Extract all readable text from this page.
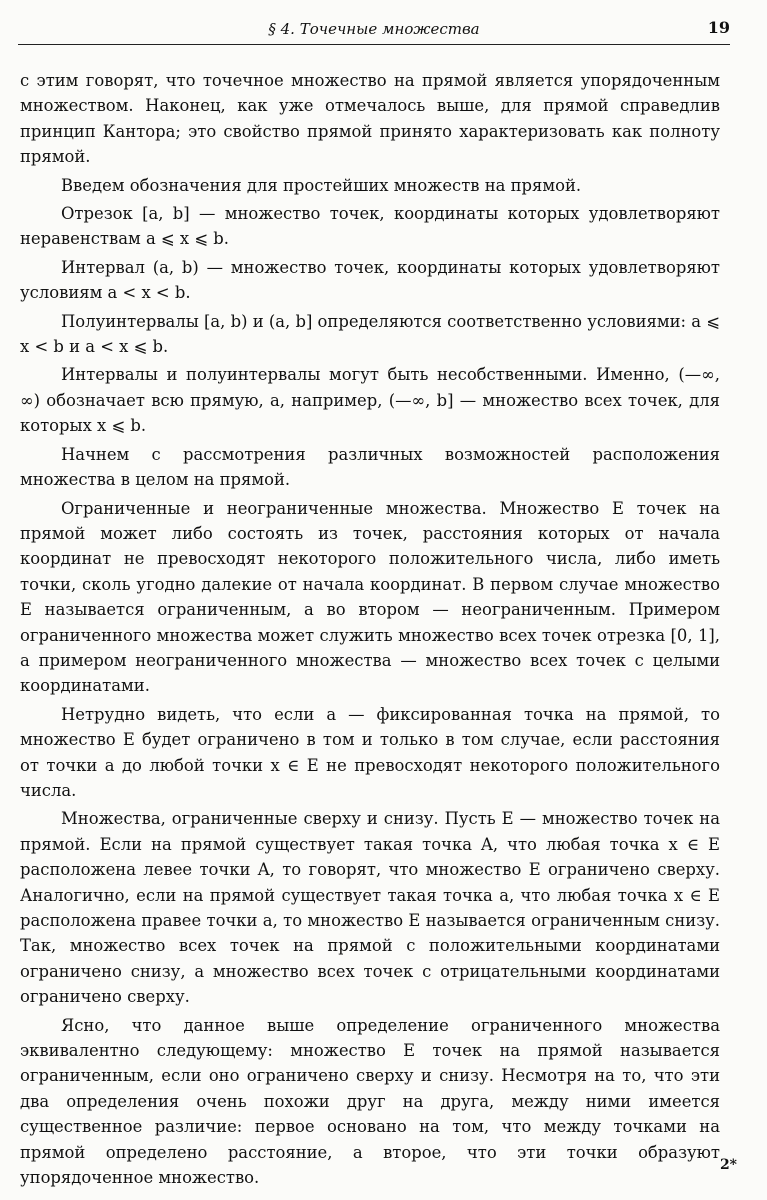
§ 4. Точечные множества	19

с этим говорят, что точечное множество на прямой является упорядоченным множеством. Наконец, как уже отмечалось выше, для прямой справедлив принцип Кантора; это свойство прямой принято характеризовать как полноту прямой.

Введем обозначения для простейших множеств на прямой.

Отрезок [a, b] — множество точек, координаты которых удовлетворяют неравенствам a ⩽ x ⩽ b.

Интервал (a, b) — множество точек, координаты которых удовлетворяют условиям a < x < b.

Полуинтервалы [a, b) и (a, b] определяются соответственно условиями: a ⩽ x < b и a < x ⩽ b.

Интервалы и полуинтервалы могут быть несобственными. Именно, (—∞, ∞) обозначает всю прямую, а, например, (—∞, b] — множество всех точек, для которых x ⩽ b.

Начнем с рассмотрения различных возможностей расположения множества в целом на прямой.

Ограниченные и неограниченные множества. Множество E точек на прямой может либо состоять из точек, расстояния которых от начала координат не превосходят некоторого положительного числа, либо иметь точки, сколь угодно далекие от начала координат. В первом случае множество E называется ограниченным, а во втором — неограниченным. Примером ограниченного множества может служить множество всех точек отрезка [0, 1], а примером неограниченного множества — множество всех точек с целыми координатами.

Нетрудно видеть, что если a — фиксированная точка на прямой, то множество E будет ограничено в том и только в том случае, если расстояния от точки a до любой точки x ∈ E не превосходят некоторого положительного числа.

Множества, ограниченные сверху и снизу. Пусть E — множество точек на прямой. Если на прямой существует такая точка A, что любая точка x ∈ E расположена левее точки A, то говорят, что множество E ограничено сверху. Аналогично, если на прямой существует такая точка a, что любая точка x ∈ E расположена правее точки a, то множество E называется ограниченным снизу. Так, множество всех точек на прямой с положительными координатами ограничено снизу, а множество всех точек с отрицательными координатами ограничено сверху.

Ясно, что данное выше определение ограниченного множества эквивалентно следующему: множество E точек на прямой называется ограниченным, если оно ограничено сверху и снизу. Несмотря на то, что эти два определения очень похожи друг на друга, между ними имеется существенное различие: первое основано на том, что между точками на прямой определено расстояние, а второе, что эти точки образуют упорядоченное множество.

2*
